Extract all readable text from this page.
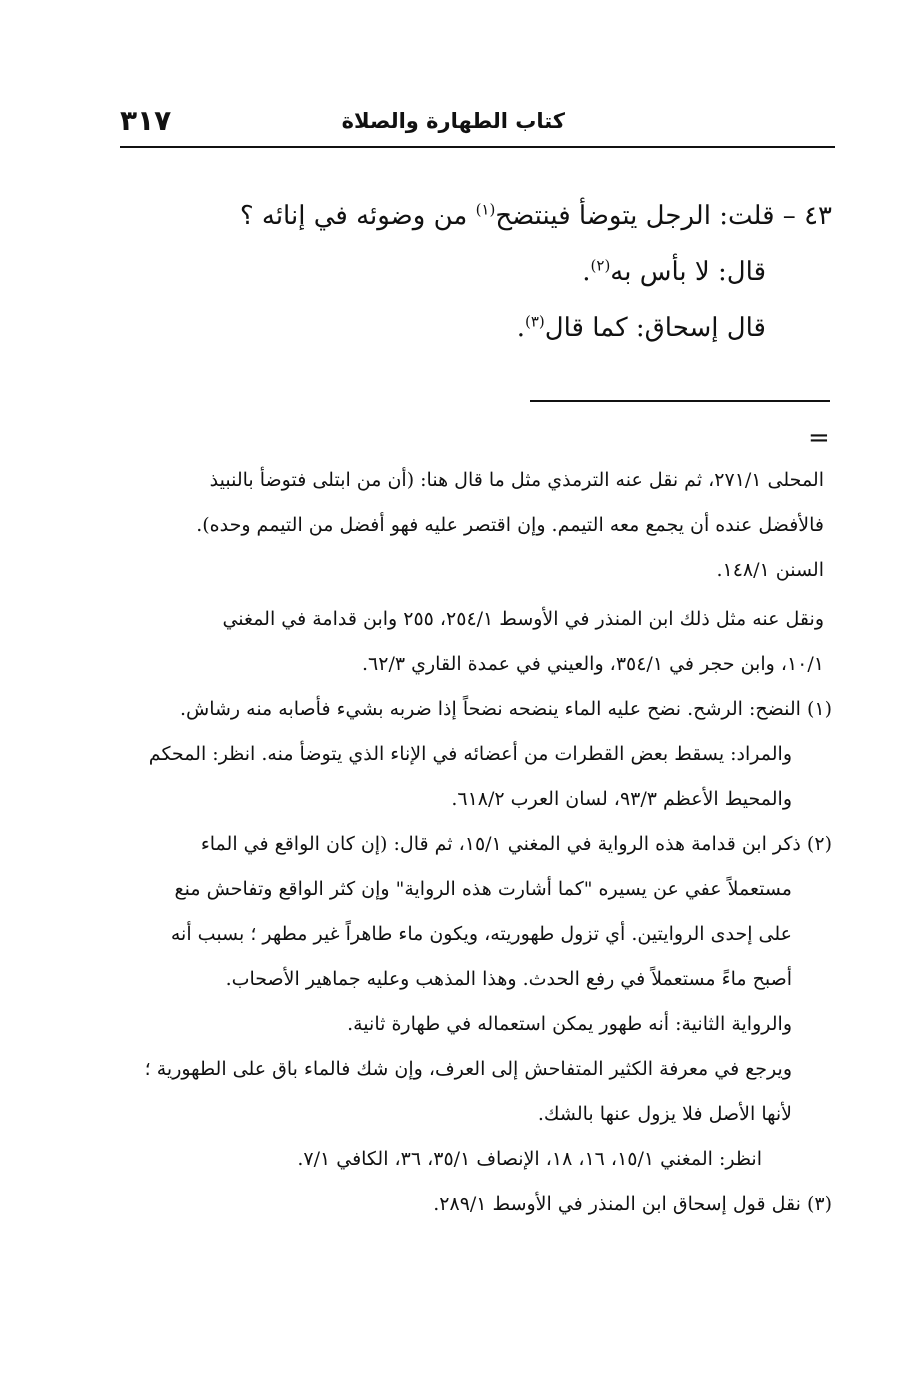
٣١٧	كتاب الطهارة والصلاة
٤٣ – قلت: الرجل يتوضأ فينتضح$^{(١)}$ من وضوئه في إنائه ؟
قال: لا بأس به$^{(٢)}$.
قال إسحاق: كما قال$^{(٣)}$.
=
المحلى ٢٧١/١، ثم نقل عنه الترمذي مثل ما قال هنا: (أن من ابتلى فتوضأ بالنبيذ
فالأفضل عنده أن يجمع معه التيمم. وإن اقتصر عليه فهو أفضل من التيمم وحده).
السنن ١٤٨/١.
ونقل عنه مثل ذلك ابن المنذر في الأوسط ٢٥٤/١، ٢٥٥ وابن قدامة في المغني
١٠/١، وابن حجر في ٣٥٤/١، والعيني في عمدة القاري ٦٢/٣.
(١) النضح: الرشح. نضح عليه الماء ينضحه نضحاً إذا ضربه بشيء فأصابه منه رشاش.
والمراد: يسقط بعض القطرات من أعضائه في الإناء الذي يتوضأ منه. انظر: المحكم
والمحيط الأعظم ٩٣/٣، لسان العرب ٦١٨/٢.
(٢) ذكر ابن قدامة هذه الرواية في المغني ١٥/١، ثم قال: (إن كان الواقع في الماء
مستعملاً عفي عن يسيره "كما أشارت هذه الرواية" وإن كثر الواقع وتفاحش منع
على إحدى الروايتين. أي تزول طهوريته، ويكون ماء طاهراً غير مطهر ؛ بسبب أنه
أصبح ماءً مستعملاً في رفع الحدث. وهذا المذهب وعليه جماهير الأصحاب.
والرواية الثانية: أنه طهور يمكن استعماله في طهارة ثانية.
ويرجع في معرفة الكثير المتفاحش إلى العرف، وإن شك فالماء باق على الطهورية ؛
لأنها الأصل فلا يزول عنها بالشك.
انظر: المغني ١٥/١، ١٦، ١٨، الإنصاف ٣٥/١، ٣٦، الكافي ٧/١.
(٣) نقل قول إسحاق ابن المنذر في الأوسط ٢٨٩/١.
